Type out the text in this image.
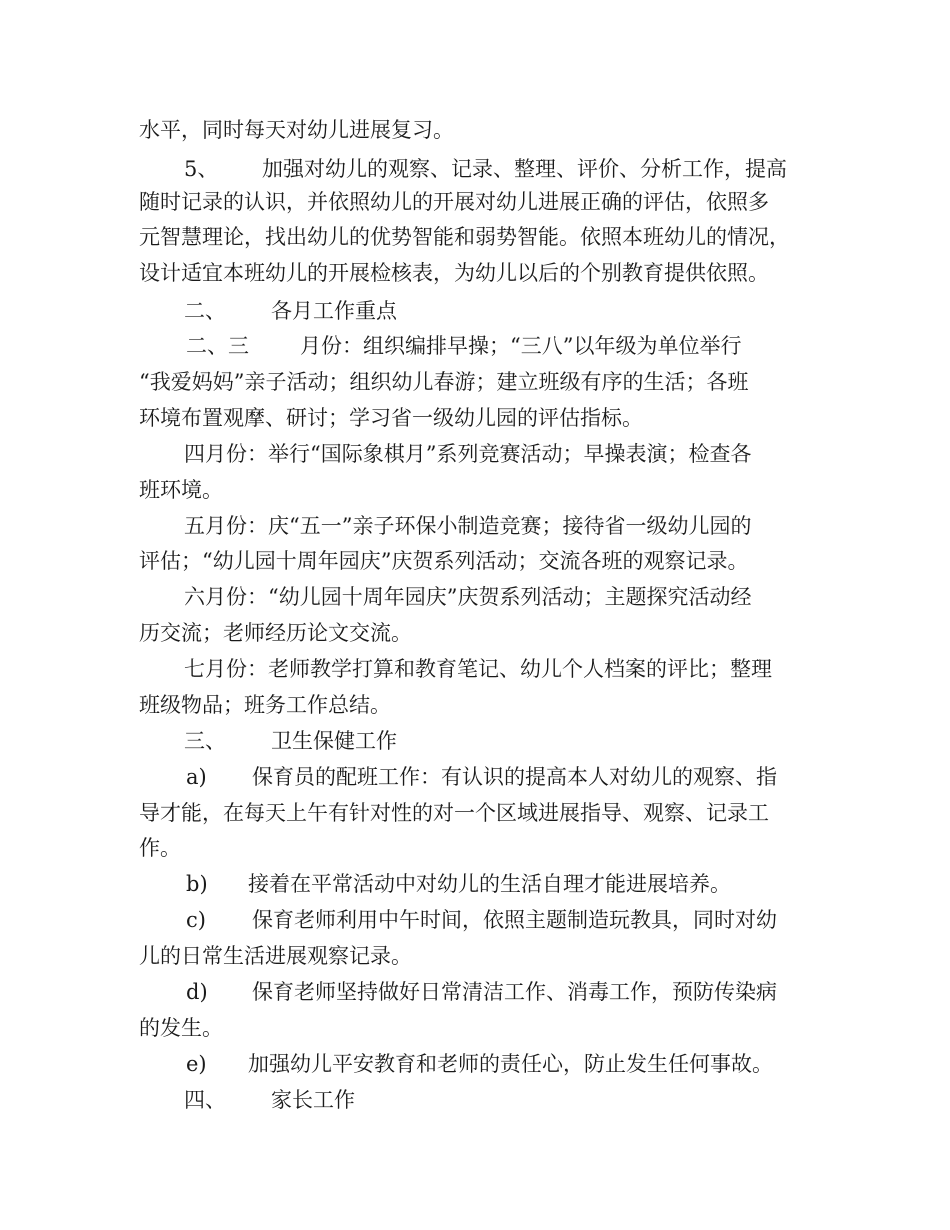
水平，同时每天对幼儿进展复习。
5、 加强对幼儿的观察、记录、整理、评价、分析工作，提高
随时记录的认识，并依照幼儿的开展对幼儿进展正确的评估，依照多
元智慧理论，找出幼儿的优势智能和弱势智能。依照本班幼儿的情况，
设计适宜本班幼儿的开展检核表，为幼儿以后的个别教育提供依照。
二、 各月工作重点
二、三 月份：组织编排早操；“三八”以年级为单位举行
“我爱妈妈”亲子活动；组织幼儿春游；建立班级有序的生活；各班
环境布置观摩、研讨；学习省一级幼儿园的评估指标。
四月份：举行“国际象棋月”系列竞赛活动；早操表演；检查各
班环境。
五月份：庆“五一”亲子环保小制造竞赛；接待省一级幼儿园的
评估；“幼儿园十周年园庆”庆贺系列活动；交流各班的观察记录。
六月份：“幼儿园十周年园庆”庆贺系列活动；主题探究活动经
历交流；老师经历论文交流。
七月份：老师教学打算和教育笔记、幼儿个人档案的评比；整理
班级物品；班务工作总结。
三、 卫生保健工作
a) 保育员的配班工作：有认识的提高本人对幼儿的观察、指
导才能，在每天上午有针对性的对一个区域进展指导、观察、记录工
作。
b) 接着在平常活动中对幼儿的生活自理才能进展培养。
c) 保育老师利用中午时间，依照主题制造玩教具，同时对幼
儿的日常生活进展观察记录。
d) 保育老师坚持做好日常清洁工作、消毒工作，预防传染病
的发生。
e) 加强幼儿平安教育和老师的责任心，防止发生任何事故。
四、 家长工作
